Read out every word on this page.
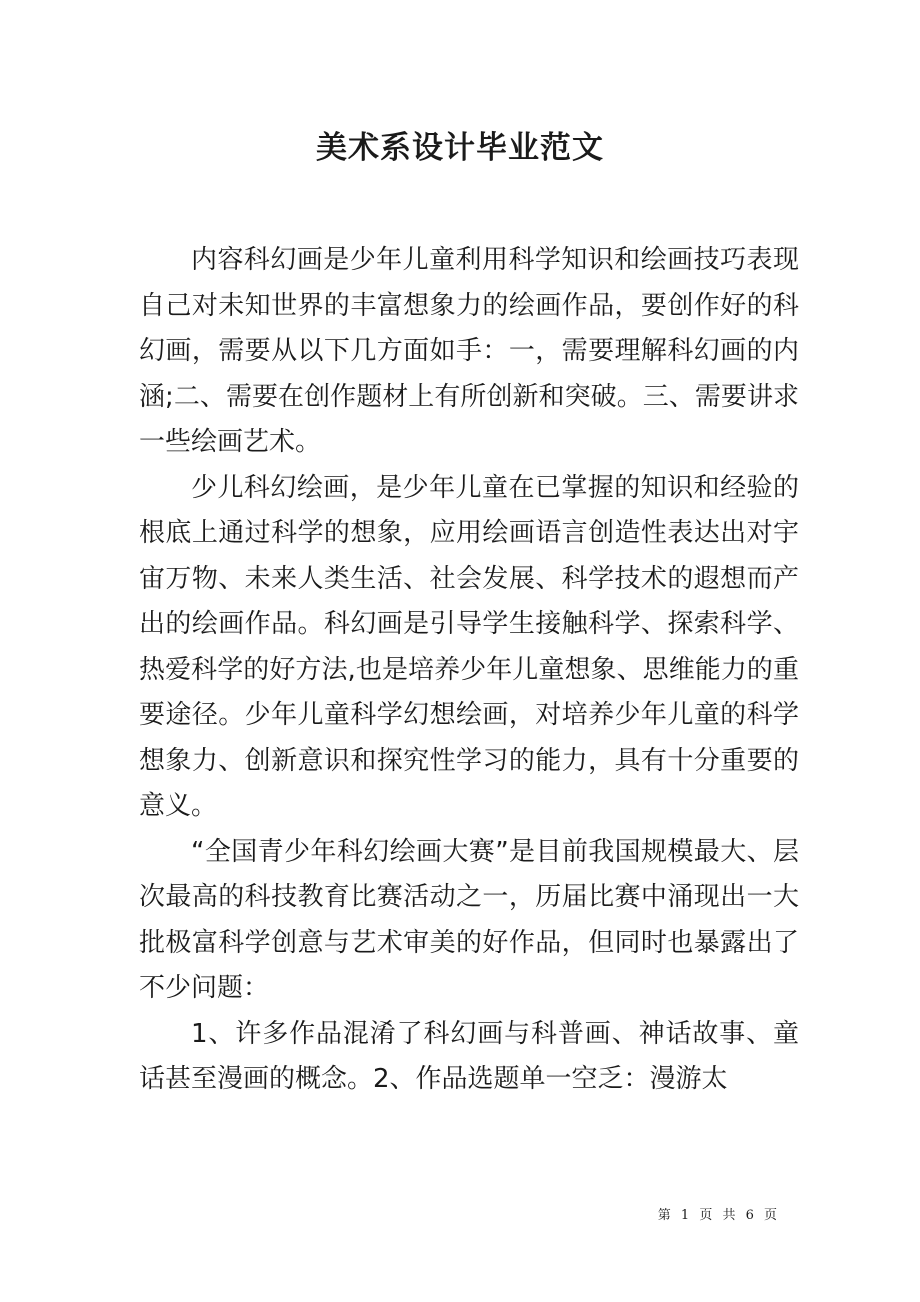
美术系设计毕业范文

内容科幻画是少年儿童利用科学知识和绘画技巧表现自己对未知世界的丰富想象力的绘画作品，要创作好的科幻画，需要从以下几方面如手：一，需要理解科幻画的内涵;二、需要在创作题材上有所创新和突破。三、需要讲求一些绘画艺术。

少儿科幻绘画，是少年儿童在已掌握的知识和经验的根底上通过科学的想象，应用绘画语言创造性表达出对宇宙万物、未来人类生活、社会发展、科学技术的遐想而产出的绘画作品。科幻画是引导学生接触科学、探索科学、热爱科学的好方法,也是培养少年儿童想象、思维能力的重要途径。少年儿童科学幻想绘画，对培养少年儿童的科学想象力、创新意识和探究性学习的能力，具有十分重要的意义。

“全国青少年科幻绘画大赛”是目前我国规模最大、层次最高的科技教育比赛活动之一，历届比赛中涌现出一大批极富科学创意与艺术审美的好作品，但同时也暴露出了不少问题：

1、许多作品混淆了科幻画与科普画、神话故事、童话甚至漫画的概念。2、作品选题单一空乏：漫游太

第 1 页 共 6 页
